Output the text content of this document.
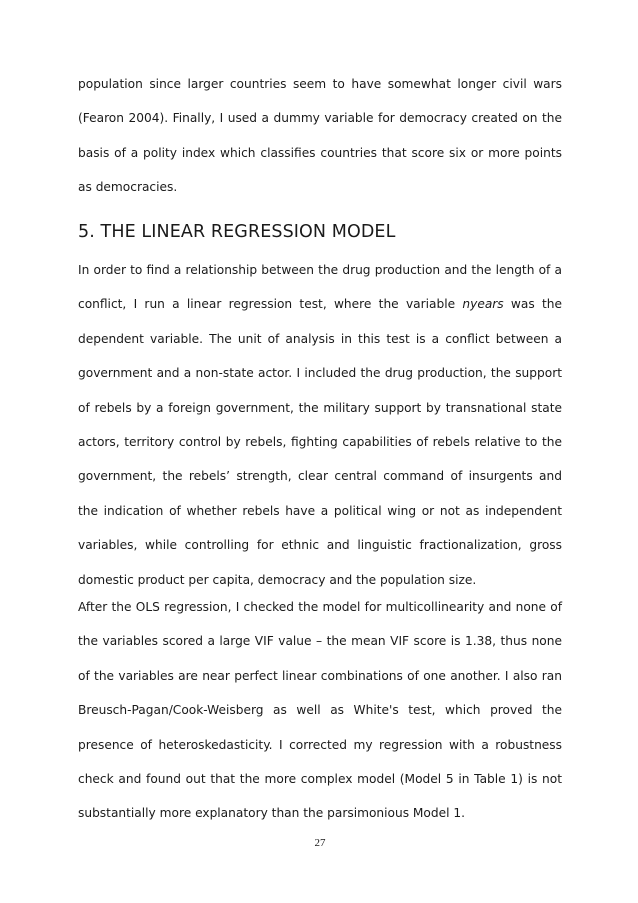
population since larger countries seem to have somewhat longer civil wars (Fearon 2004). Finally, I used a dummy variable for democracy created on the basis of a polity index which classifies countries that score six or more points as democracies.

5. THE LINEAR REGRESSION MODEL

In order to find a relationship between the drug production and the length of a conflict, I run a linear regression test, where the variable nyears was the dependent variable. The unit of analysis in this test is a conflict between a government and a non-state actor. I included the drug production, the support of rebels by a foreign government, the military support by transnational state actors, territory control by rebels, fighting capabilities of rebels relative to the government, the rebels’ strength, clear central command of insurgents and the indication of whether rebels have a political wing or not as independent variables, while controlling for ethnic and linguistic fractionalization, gross domestic product per capita, democracy and the population size.

After the OLS regression, I checked the model for multicollinearity and none of the variables scored a large VIF value – the mean VIF score is 1.38, thus none of the variables are near perfect linear combinations of one another. I also ran Breusch-Pagan/Cook-Weisberg as well as White's test, which proved the presence of heteroskedasticity. I corrected my regression with a robustness check and found out that the more complex model (Model 5 in Table 1) is not substantially more explanatory than the parsimonious Model 1.

27
